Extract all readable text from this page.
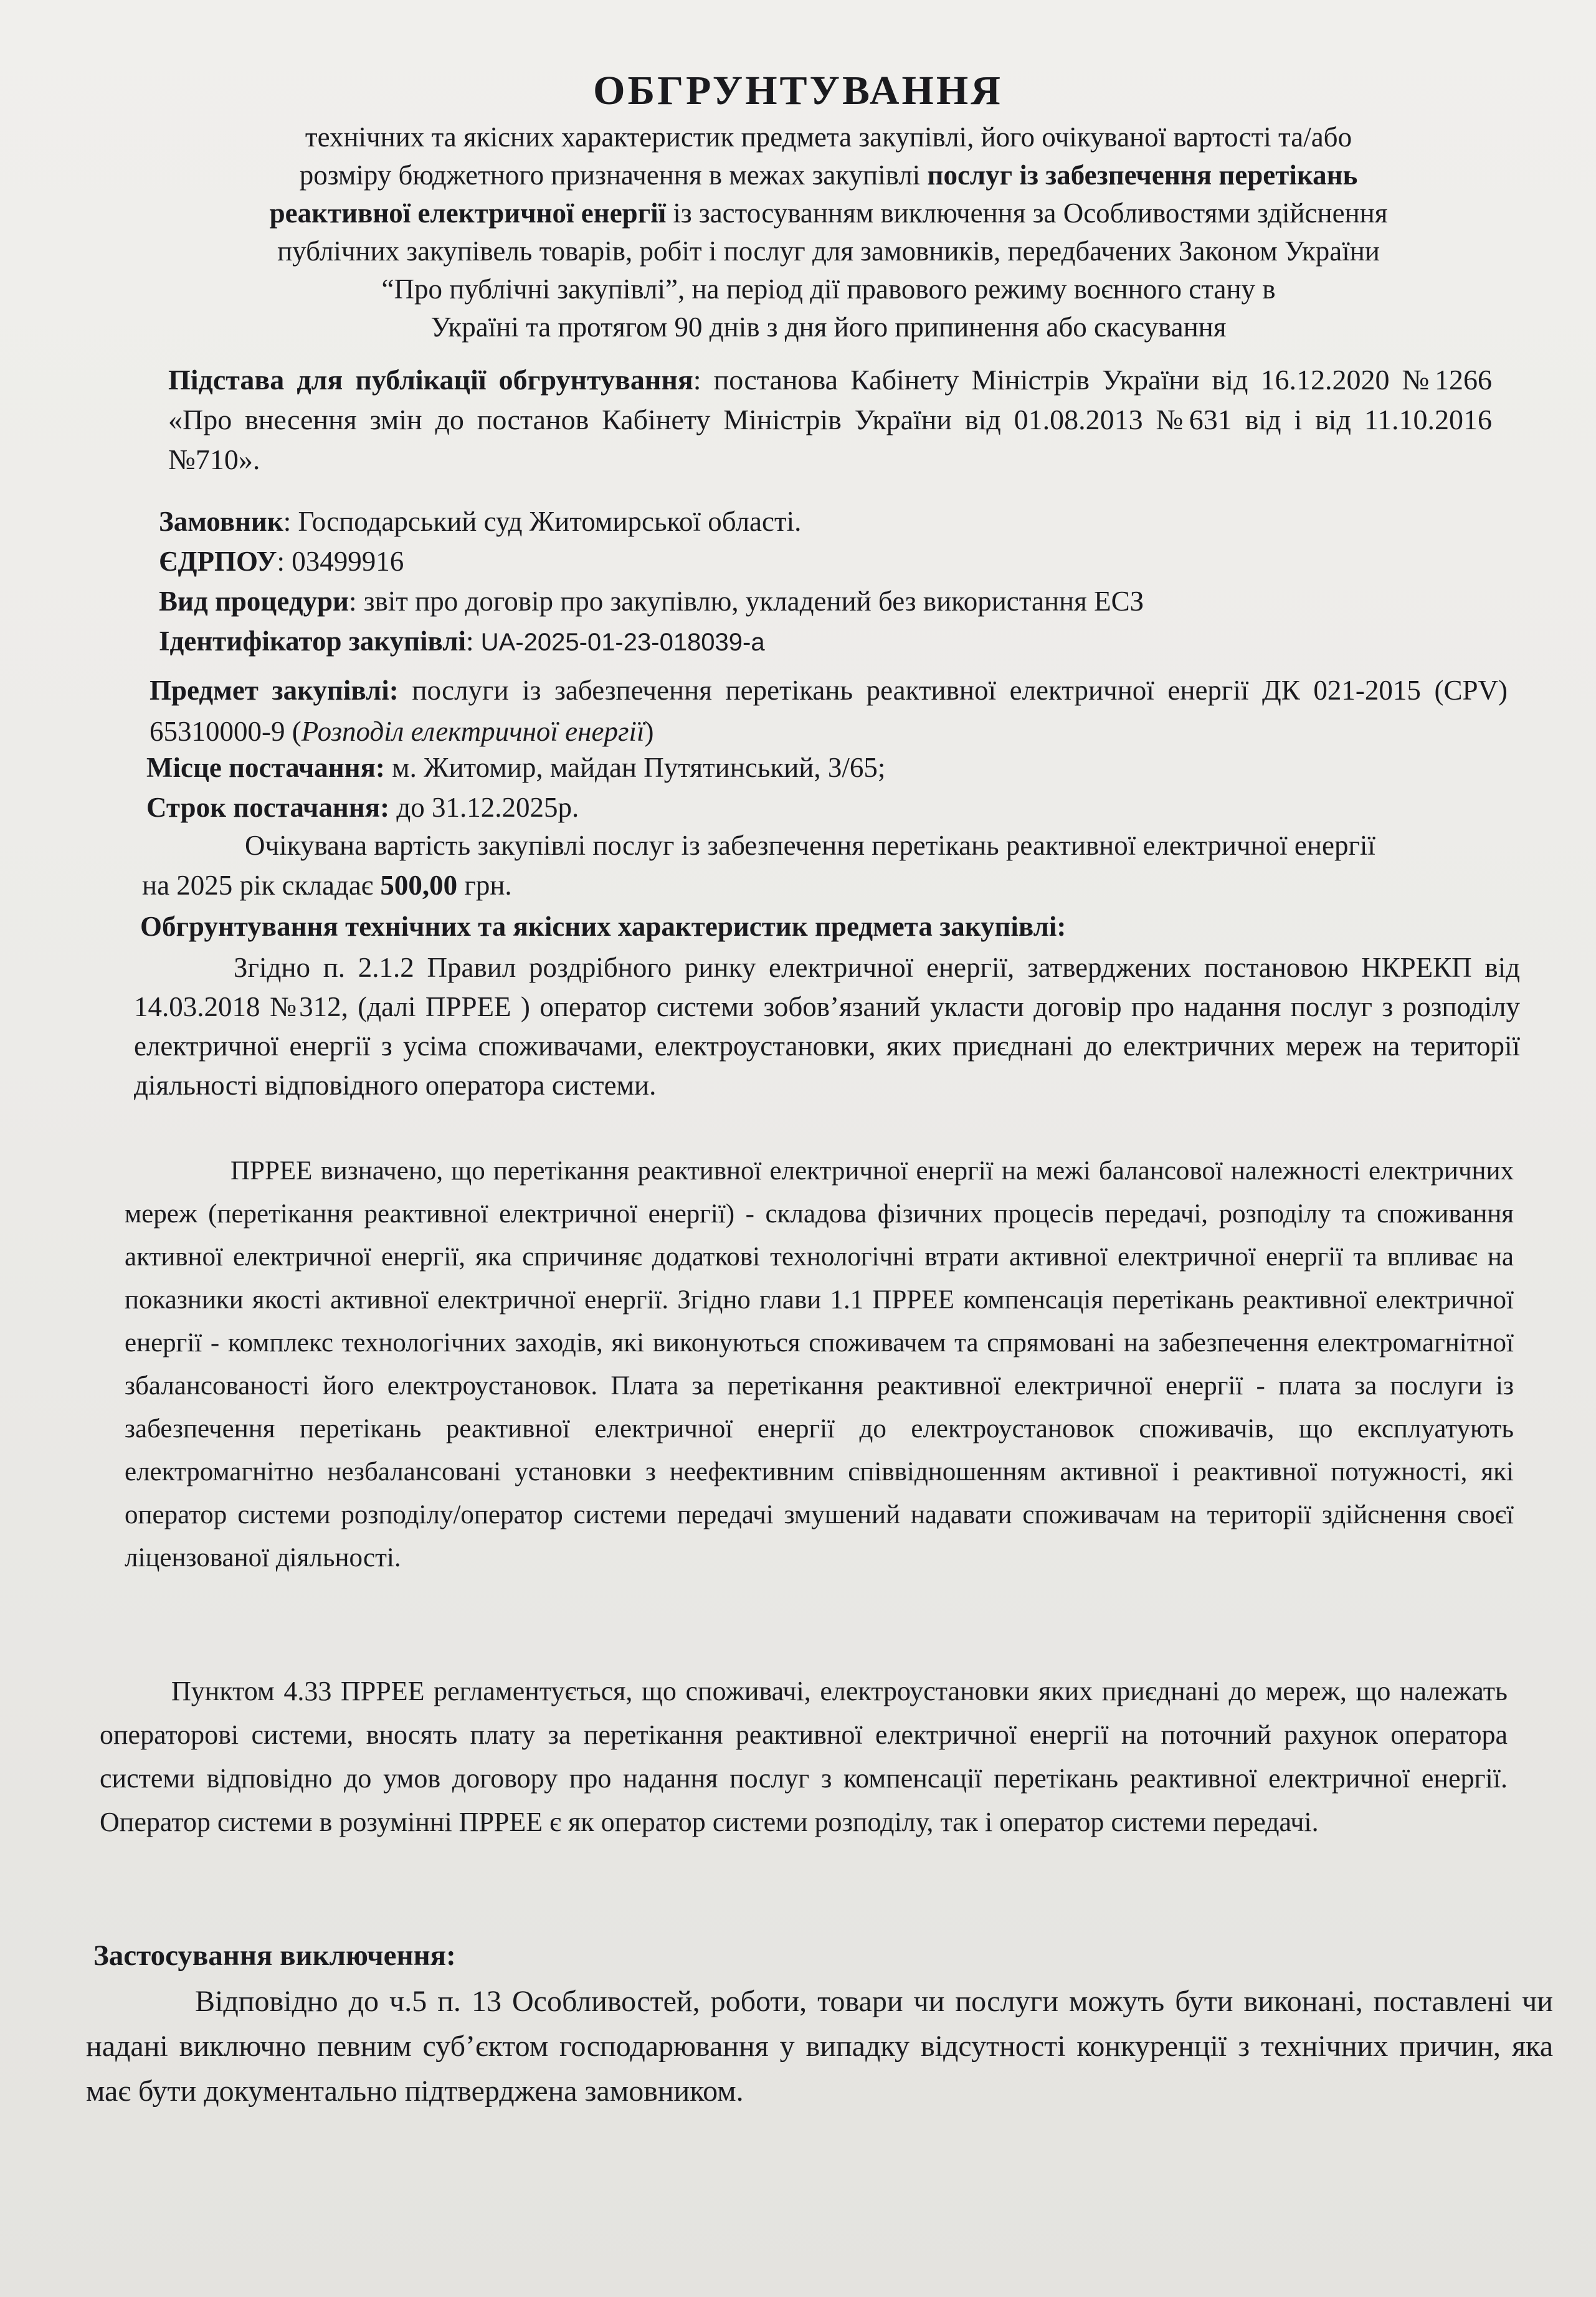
ОБГРУНТУВАННЯ
технічних та якісних характеристик предмета закупівлі, його очікуваної вартості та/або
розміру бюджетного призначення в межах закупівлі послуг із забезпечення перетікань
реактивної електричної енергії із застосуванням виключення за Особливостями здійснення
публічних закупівель товарів, робіт і послуг для замовників, передбачених Законом України
“Про публічні закупівлі”, на період дії правового режиму воєнного стану в
Україні та протягом 90 днів з дня його припинення або скасування
Підстава для публікації обгрунтування: постанова Кабінету Міністрів України від 16.12.2020 №1266 «Про внесення змін до постанов Кабінету Міністрів України від 01.08.2013 №631 від і від 11.10.2016 №710».
Замовник: Господарський суд Житомирської області.
ЄДРПОУ: 03499916
Вид процедури: звіт про договір про закупівлю, укладений без використання ЕСЗ
Ідентифікатор закупівлі: UA-2025-01-23-018039-a
Предмет закупівлі: послуги із забезпечення перетікань реактивної електричної енергії ДК 021-2015 (CPV) 65310000-9 (Розподіл електричної енергії)
Місце постачання: м. Житомир, майдан Путятинський, 3/65;
Строк постачання: до 31.12.2025р.
Очікувана вартість закупівлі послуг із забезпечення перетікань реактивної електричної енергії
на 2025 рік складає 500,00 грн.
Обгрунтування технічних та якісних характеристик предмета закупівлі:
Згідно п. 2.1.2 Правил роздрібного ринку електричної енергії, затверджених постановою НКРЕКП від 14.03.2018 №312, (далі ПРРЕЕ ) оператор системи зобов’язаний укласти договір про надання послуг з розподілу електричної енергії з усіма споживачами, електроустановки, яких приєднані до електричних мереж на території діяльності відповідного оператора системи.
ПРРЕЕ визначено, що перетікання реактивної електричної енергії на межі балансової належності електричних мереж (перетікання реактивної електричної енергії) - складова фізичних процесів передачі, розподілу та споживання активної електричної енергії, яка спричиняє додаткові технологічні втрати активної електричної енергії та впливає на показники якості активної електричної енергії. Згідно глави 1.1 ПРРЕЕ компенсація перетікань реактивної електричної енергії - комплекс технологічних заходів, які виконуються споживачем та спрямовані на забезпечення електромагнітної збалансованості його електроустановок. Плата за перетікання реактивної електричної енергії - плата за послуги із забезпечення перетікань реактивної електричної енергії до електроустановок споживачів, що експлуатують електромагнітно незбалансовані установки з неефективним співвідношенням активної і реактивної потужності, які оператор системи розподілу/оператор системи передачі змушений надавати споживачам на території здійснення своєї ліцензованої діяльності.
Пунктом 4.33 ПРРЕЕ регламентується, що споживачі, електроустановки яких приєднані до мереж, що належать операторові системи, вносять плату за перетікання реактивної електричної енергії на поточний рахунок оператора системи відповідно до умов договору про надання послуг з компенсації перетікань реактивної електричної енергії. Оператор системи в розумінні ПРРЕЕ є як оператор системи розподілу, так і оператор системи передачі.
Застосування виключення:
Відповідно до ч.5 п. 13 Особливостей, роботи, товари чи послуги можуть бути виконані, поставлені чи надані виключно певним суб’єктом господарювання у випадку відсутності конкуренції з технічних причин, яка має бути документально підтверджена замовником.
